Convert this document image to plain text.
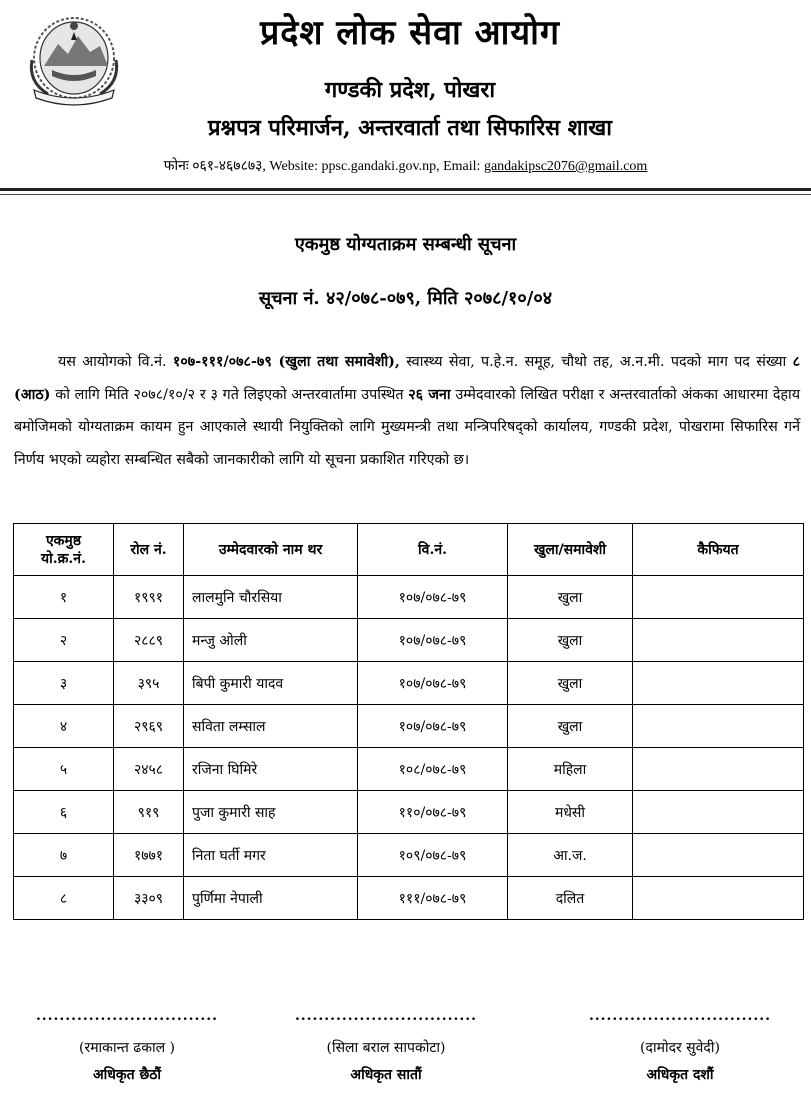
प्रदेश लोक सेवा आयोग
गण्डकी प्रदेश, पोखरा
प्रश्नपत्र परिमार्जन, अन्तरवार्ता तथा सिफारिस शाखा
फोनः ०६१-४६७८७३, Website: ppsc.gandaki.gov.np, Email: gandakipsc2076@gmail.com
एकमुष्ठ योग्यताक्रम सम्बन्धी सूचना
सूचना नं. ४२/०७८-०७९, मिति २०७८/१०/०४
यस आयोगको वि.नं. १०७-१११/०७८-७९ (खुला तथा समावेशी), स्वास्थ्य सेवा, प.हे.न. समूह, चौथो तह, अ.न.मी. पदको माग पद संख्या ८ (आठ) को लागि मिति २०७८/१०/२ र ३ गते लिइएको अन्तरवार्तामा उपस्थित २६ जना उम्मेदवारको लिखित परीक्षा र अन्तरवार्ताको अंकका आधारमा देहाय बमोजिमको योग्यताक्रम कायम हुन आएकाले स्थायी नियुक्तिको लागि मुख्यमन्त्री तथा मन्त्रिपरिषद्को कार्यालय, गण्डकी प्रदेश, पोखरामा सिफारिस गर्ने निर्णय भएको व्यहोरा सम्बन्धित सबैको जानकारीको लागि यो सूचना प्रकाशित गरिएको छ।
एकमुष्ठ
यो.क्र.नं.	रोल नं.	उम्मेदवारको नाम थर	वि.नं.	खुला/समावेशी	कैफियत
१	१९९१	लालमुनि चौरसिया	१०७/०७८-७९	खुला	
२	२८८९	मन्जु ओली	१०७/०७८-७९	खुला	
३	३९५	बिपी कुमारी यादव	१०७/०७८-७९	खुला	
४	२९६९	सविता लम्साल	१०७/०७८-७९	खुला	
५	२४५८	रजिना घिमिरे	१०८/०७८-७९	महिला	
६	९१९	पुजा कुमारी साह	११०/०७८-७९	मधेसी	
७	१७७१	निता घर्ती मगर	१०९/०७८-७९	आ.ज.	
८	३३०९	पुर्णिमा नेपाली	१११/०७८-७९	दलित	
...............................
(रमाकान्त ढकाल )
अधिकृत छैठौं
...............................
(सिला बराल सापकोटा)
अधिकृत सातौं
...............................
(दामोदर सुवेदी)
अधिकृत दशौं
